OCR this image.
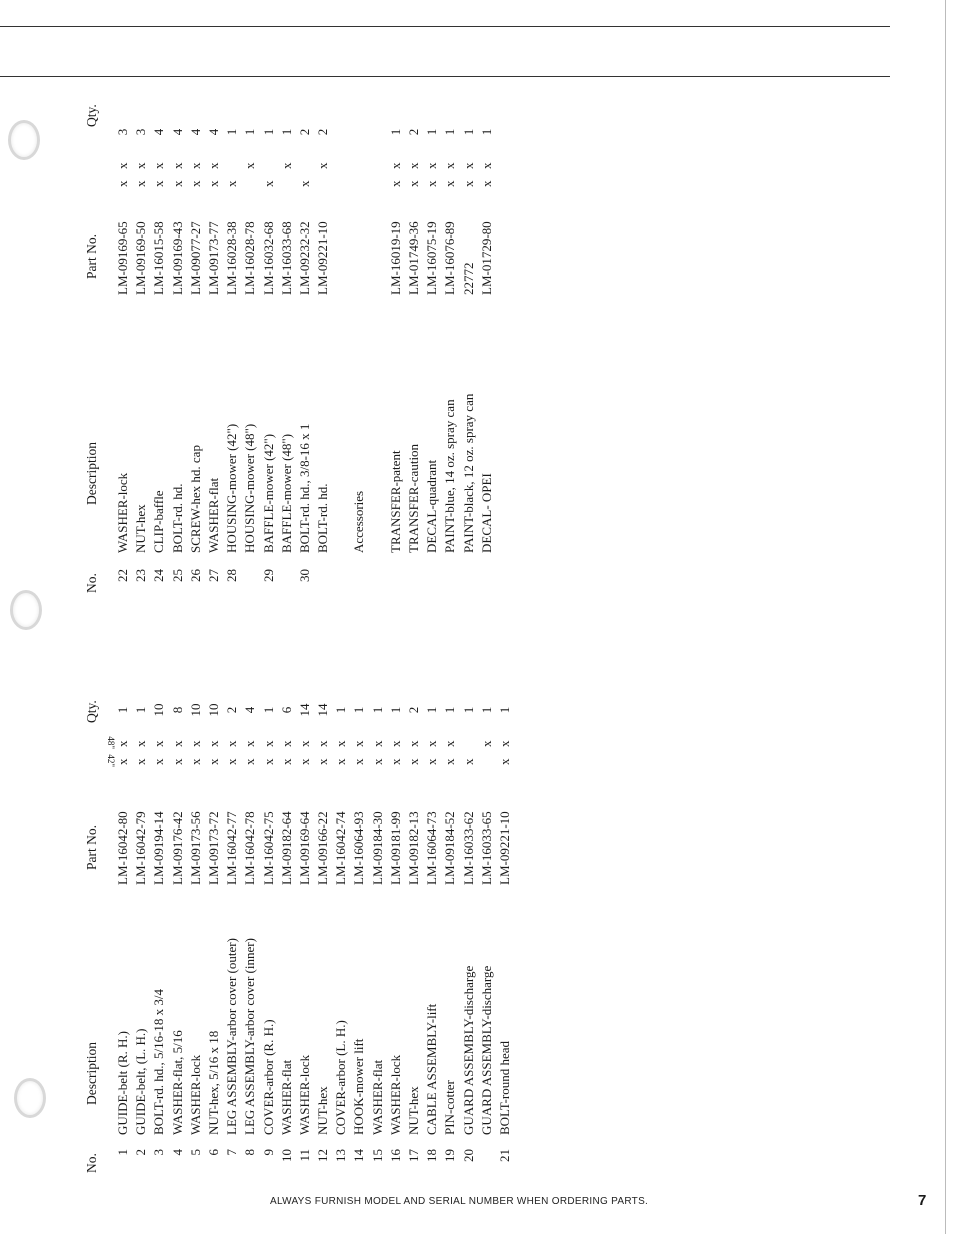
No.
Description
Part No.
42"
48"
Qty.
1
GUIDE-belt (R. H.)
LM-16042-80
x
x
1
2
GUIDE-belt, (L. H.)
LM-16042-79
x
x
1
3
BOLT-rd. hd., 5/16-18 x 3/4
LM-09194-14
x
x
10
4
WASHER-flat, 5/16
LM-09176-42
x
x
8
5
WASHER-lock
LM-09173-56
x
x
10
6
NUT-hex, 5/16 x 18
LM-09173-72
x
x
10
7
LEG ASSEMBLY-arbor cover (outer)
LM-16042-77
x
x
2
8
LEG ASSEMBLY-arbor cover (inner)
LM-16042-78
x
x
4
9
COVER-arbor (R. H.)
LM-16042-75
x
x
1
10
WASHER-flat
LM-09182-64
x
x
6
11
WASHER-lock
LM-09169-64
x
x
14
12
NUT-hex
LM-09166-22
x
x
14
13
COVER-arbor (L. H.)
LM-16042-74
x
x
1
14
HOOK-mower lift
LM-16064-93
x
x
1
15
WASHER-flat
LM-09184-30
x
x
1
16
WASHER-lock
LM-09181-99
x
x
1
17
NUT-hex
LM-09182-13
x
x
2
18
CABLE ASSEMBLY-lift
LM-16064-73
x
x
1
19
PIN-cotter
LM-09184-52
x
x
1
20
GUARD ASSEMBLY-discharge
LM-16033-62
x
1
GUARD ASSEMBLY-discharge
LM-16033-65
x
1
21
BOLT-round head
LM-09221-10
x
x
1
No.
Description
Part No.
Qty.
22
WASHER-lock
LM-09169-65
x
x
3
23
NUT-hex
LM-09169-50
x
x
3
24
CLIP-baffle
LM-16015-58
x
x
4
25
BOLT-rd. hd.
LM-09169-43
x
x
4
26
SCREW-hex hd. cap
LM-09077-27
x
x
4
27
WASHER-flat
LM-09173-77
x
x
4
28
HOUSING-mower (42")
LM-16028-38
x
1
HOUSING-mower (48")
LM-16028-78
x
1
29
BAFFLE-mower (42")
LM-16032-68
x
1
BAFFLE-mower (48")
LM-16033-68
x
1
30
BOLT-rd. hd., 3/8-16 x 1
LM-09232-32
x
2
BOLT-rd. hd.
LM-09221-10
x
2
Accessories TRANSFER-patent
LM-16019-19
x
x
1
TRANSFER-caution
LM-01749-36
x
x
2
DECAL-quadrant
LM-16075-19
x
x
1
PAINT-blue, 14 oz. spray can
LM-16076-89
x
x
1
PAINT-black, 12 oz. spray can
22772
x
x
1
DECAL- OPEI
LM-01729-80
x
x
1
ALWAYS FURNISH MODEL AND SERIAL NUMBER WHEN ORDERING PARTS.	7
